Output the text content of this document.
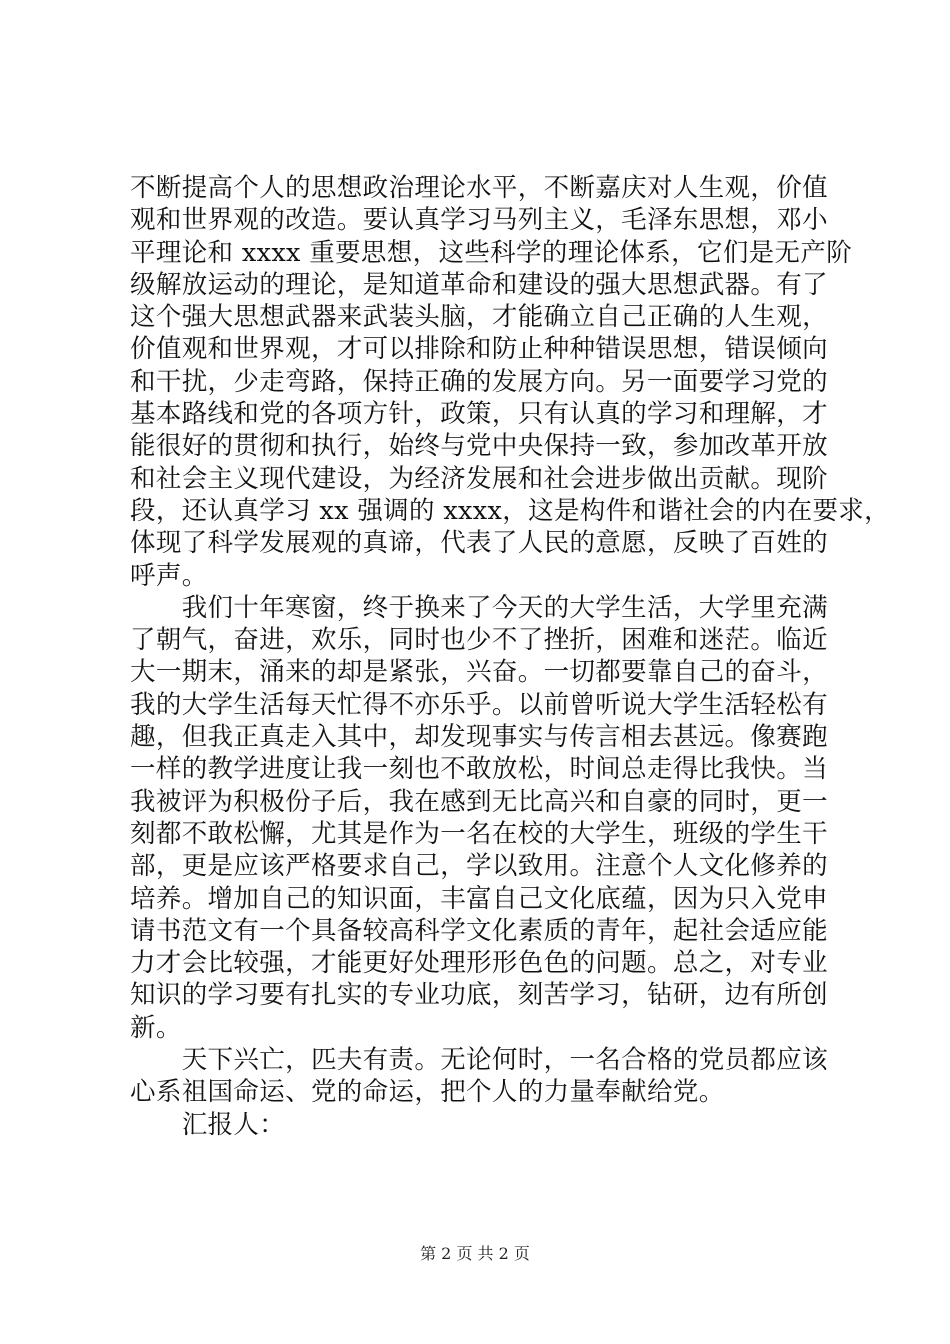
不断提高个人的思想政治理论水平，不断嘉庆对人生观，价值
观和世界观的改造。要认真学习马列主义，毛泽东思想，邓小
平理论和 xxxx 重要思想，这些科学的理论体系，它们是无产阶
级解放运动的理论，是知道革命和建设的强大思想武器。有了
这个强大思想武器来武装头脑，才能确立自己正确的人生观，
价值观和世界观，才可以排除和防止种种错误思想，错误倾向
和干扰，少走弯路，保持正确的发展方向。另一面要学习党的
基本路线和党的各项方针，政策，只有认真的学习和理解，才
能很好的贯彻和执行，始终与党中央保持一致，参加改革开放
和社会主义现代建设，为经济发展和社会进步做出贡献。现阶
段，还认真学习 xx 强调的 xxxx，这是构件和谐社会的内在要求，
体现了科学发展观的真谛，代表了人民的意愿，反映了百姓的
呼声。
　　我们十年寒窗，终于换来了今天的大学生活，大学里充满
了朝气，奋进，欢乐，同时也少不了挫折，困难和迷茫。临近
大一期末，涌来的却是紧张，兴奋。一切都要靠自己的奋斗，
我的大学生活每天忙得不亦乐乎。以前曾听说大学生活轻松有
趣，但我正真走入其中，却发现事实与传言相去甚远。像赛跑
一样的教学进度让我一刻也不敢放松，时间总走得比我快。当
我被评为积极份子后，我在感到无比高兴和自豪的同时，更一
刻都不敢松懈，尤其是作为一名在校的大学生，班级的学生干
部，更是应该严格要求自己，学以致用。注意个人文化修养的
培养。增加自己的知识面，丰富自己文化底蕴，因为只入党申
请书范文有一个具备较高科学文化素质的青年，起社会适应能
力才会比较强，才能更好处理形形色色的问题。总之，对专业
知识的学习要有扎实的专业功底，刻苦学习，钻研，边有所创
新。
　　天下兴亡，匹夫有责。无论何时，一名合格的党员都应该
心系祖国命运、党的命运，把个人的力量奉献给党。
　　汇报人：
第 2 页 共 2 页
